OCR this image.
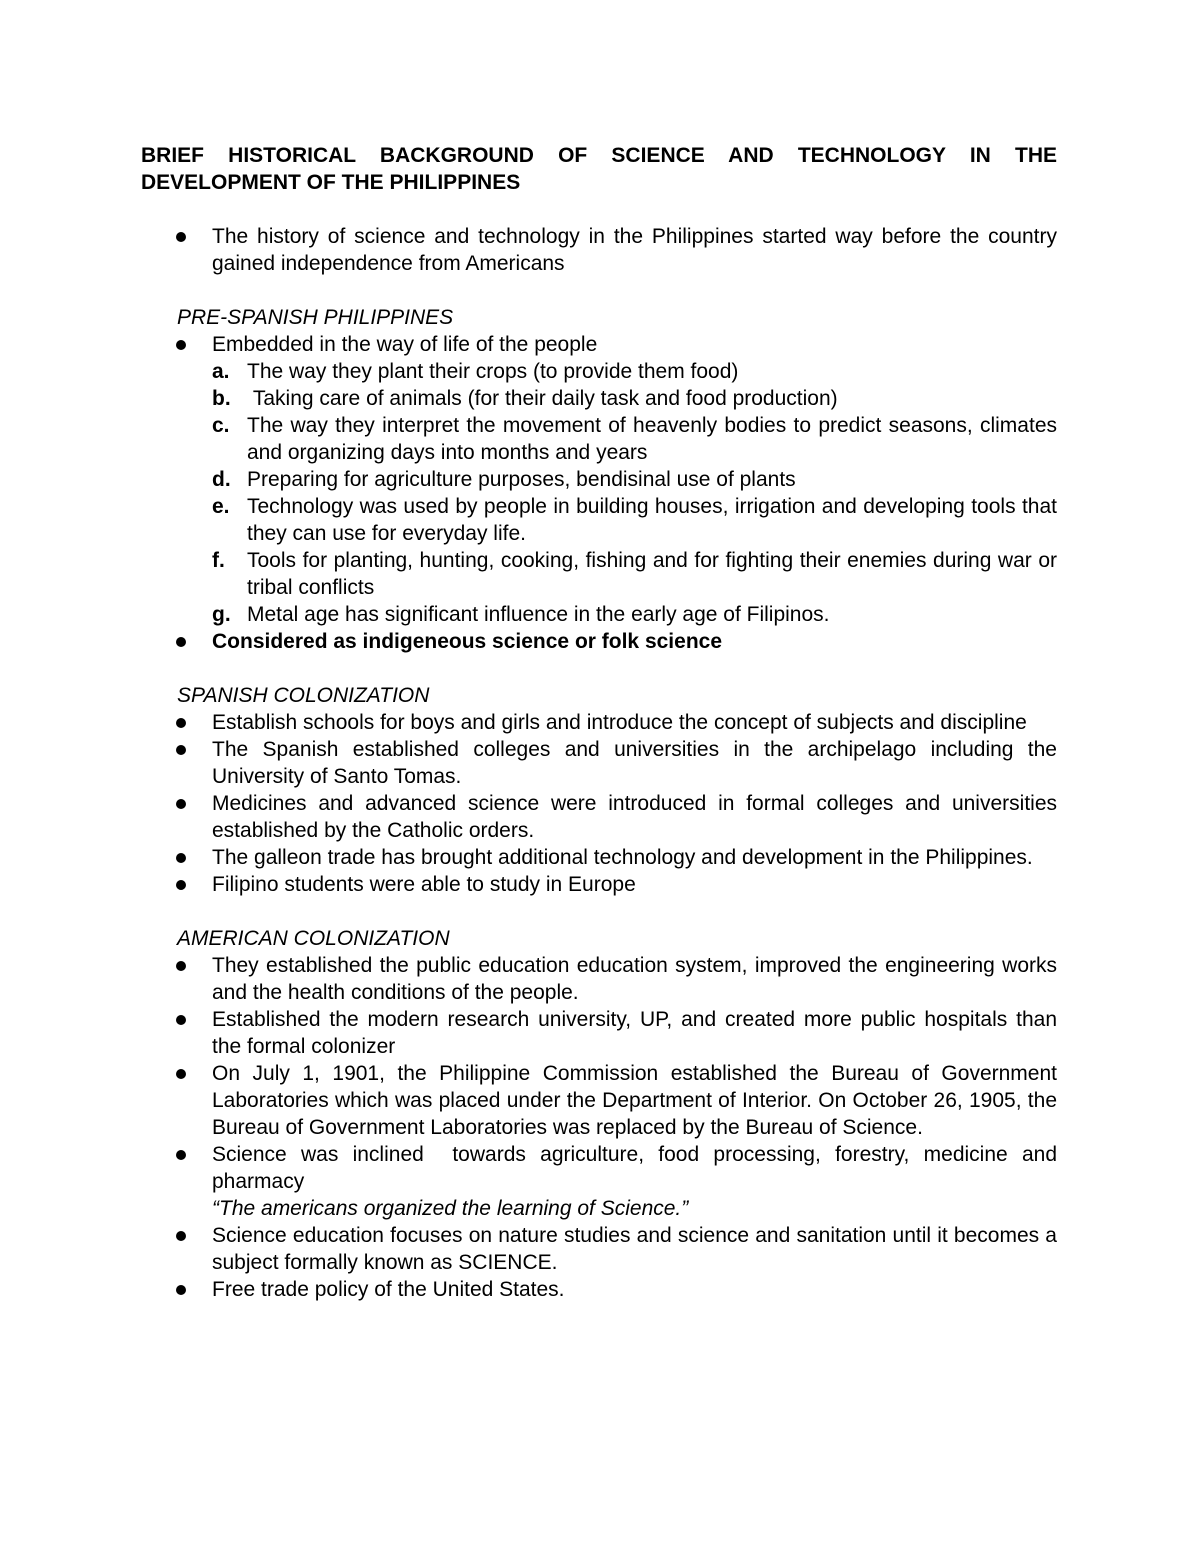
BRIEF HISTORICAL BACKGROUND OF SCIENCE AND TECHNOLOGY IN THE DEVELOPMENT OF THE PHILIPPINES
The history of science and technology in the Philippines started way before the country gained independence from Americans

PRE-SPANISH PHILIPPINES

Embedded in the way of life of the people
a. The way they plant their crops (to provide them food)
b. Taking care of animals (for their daily task and food production)
c. The way they interpret the movement of heavenly bodies to predict seasons, climates and organizing days into months and years
d. Preparing for agriculture purposes, bendisinal use of plants
e. Technology was used by people in building houses, irrigation and developing tools that they can use for everyday life.
f. Tools for planting, hunting, cooking, fishing and for fighting their enemies during war or tribal conflicts
g. Metal age has significant influence in the early age of Filipinos.
Considered as indigeneous science or folk science

SPANISH COLONIZATION

Establish schools for boys and girls and introduce the concept of subjects and discipline
The Spanish established colleges and universities in the archipelago including the University of Santo Tomas.
Medicines and advanced science were introduced in formal colleges and universities established by the Catholic orders.
The galleon trade has brought additional technology and development in the Philippines.
Filipino students were able to study in Europe

AMERICAN COLONIZATION

They established the public education education system, improved the engineering works and the health conditions of the people.
Established the modern research university, UP, and created more public hospitals than the formal colonizer
On July 1, 1901, the Philippine Commission established the Bureau of Government Laboratories which was placed under the Department of Interior. On October 26, 1905, the Bureau of Government Laboratories was replaced by the Bureau of Science.
Science was inclined  towards agriculture, food processing, forestry, medicine and pharmacy
“The americans organized the learning of Science.”
Science education focuses on nature studies and science and sanitation until it becomes a subject formally known as SCIENCE.
Free trade policy of the United States.
